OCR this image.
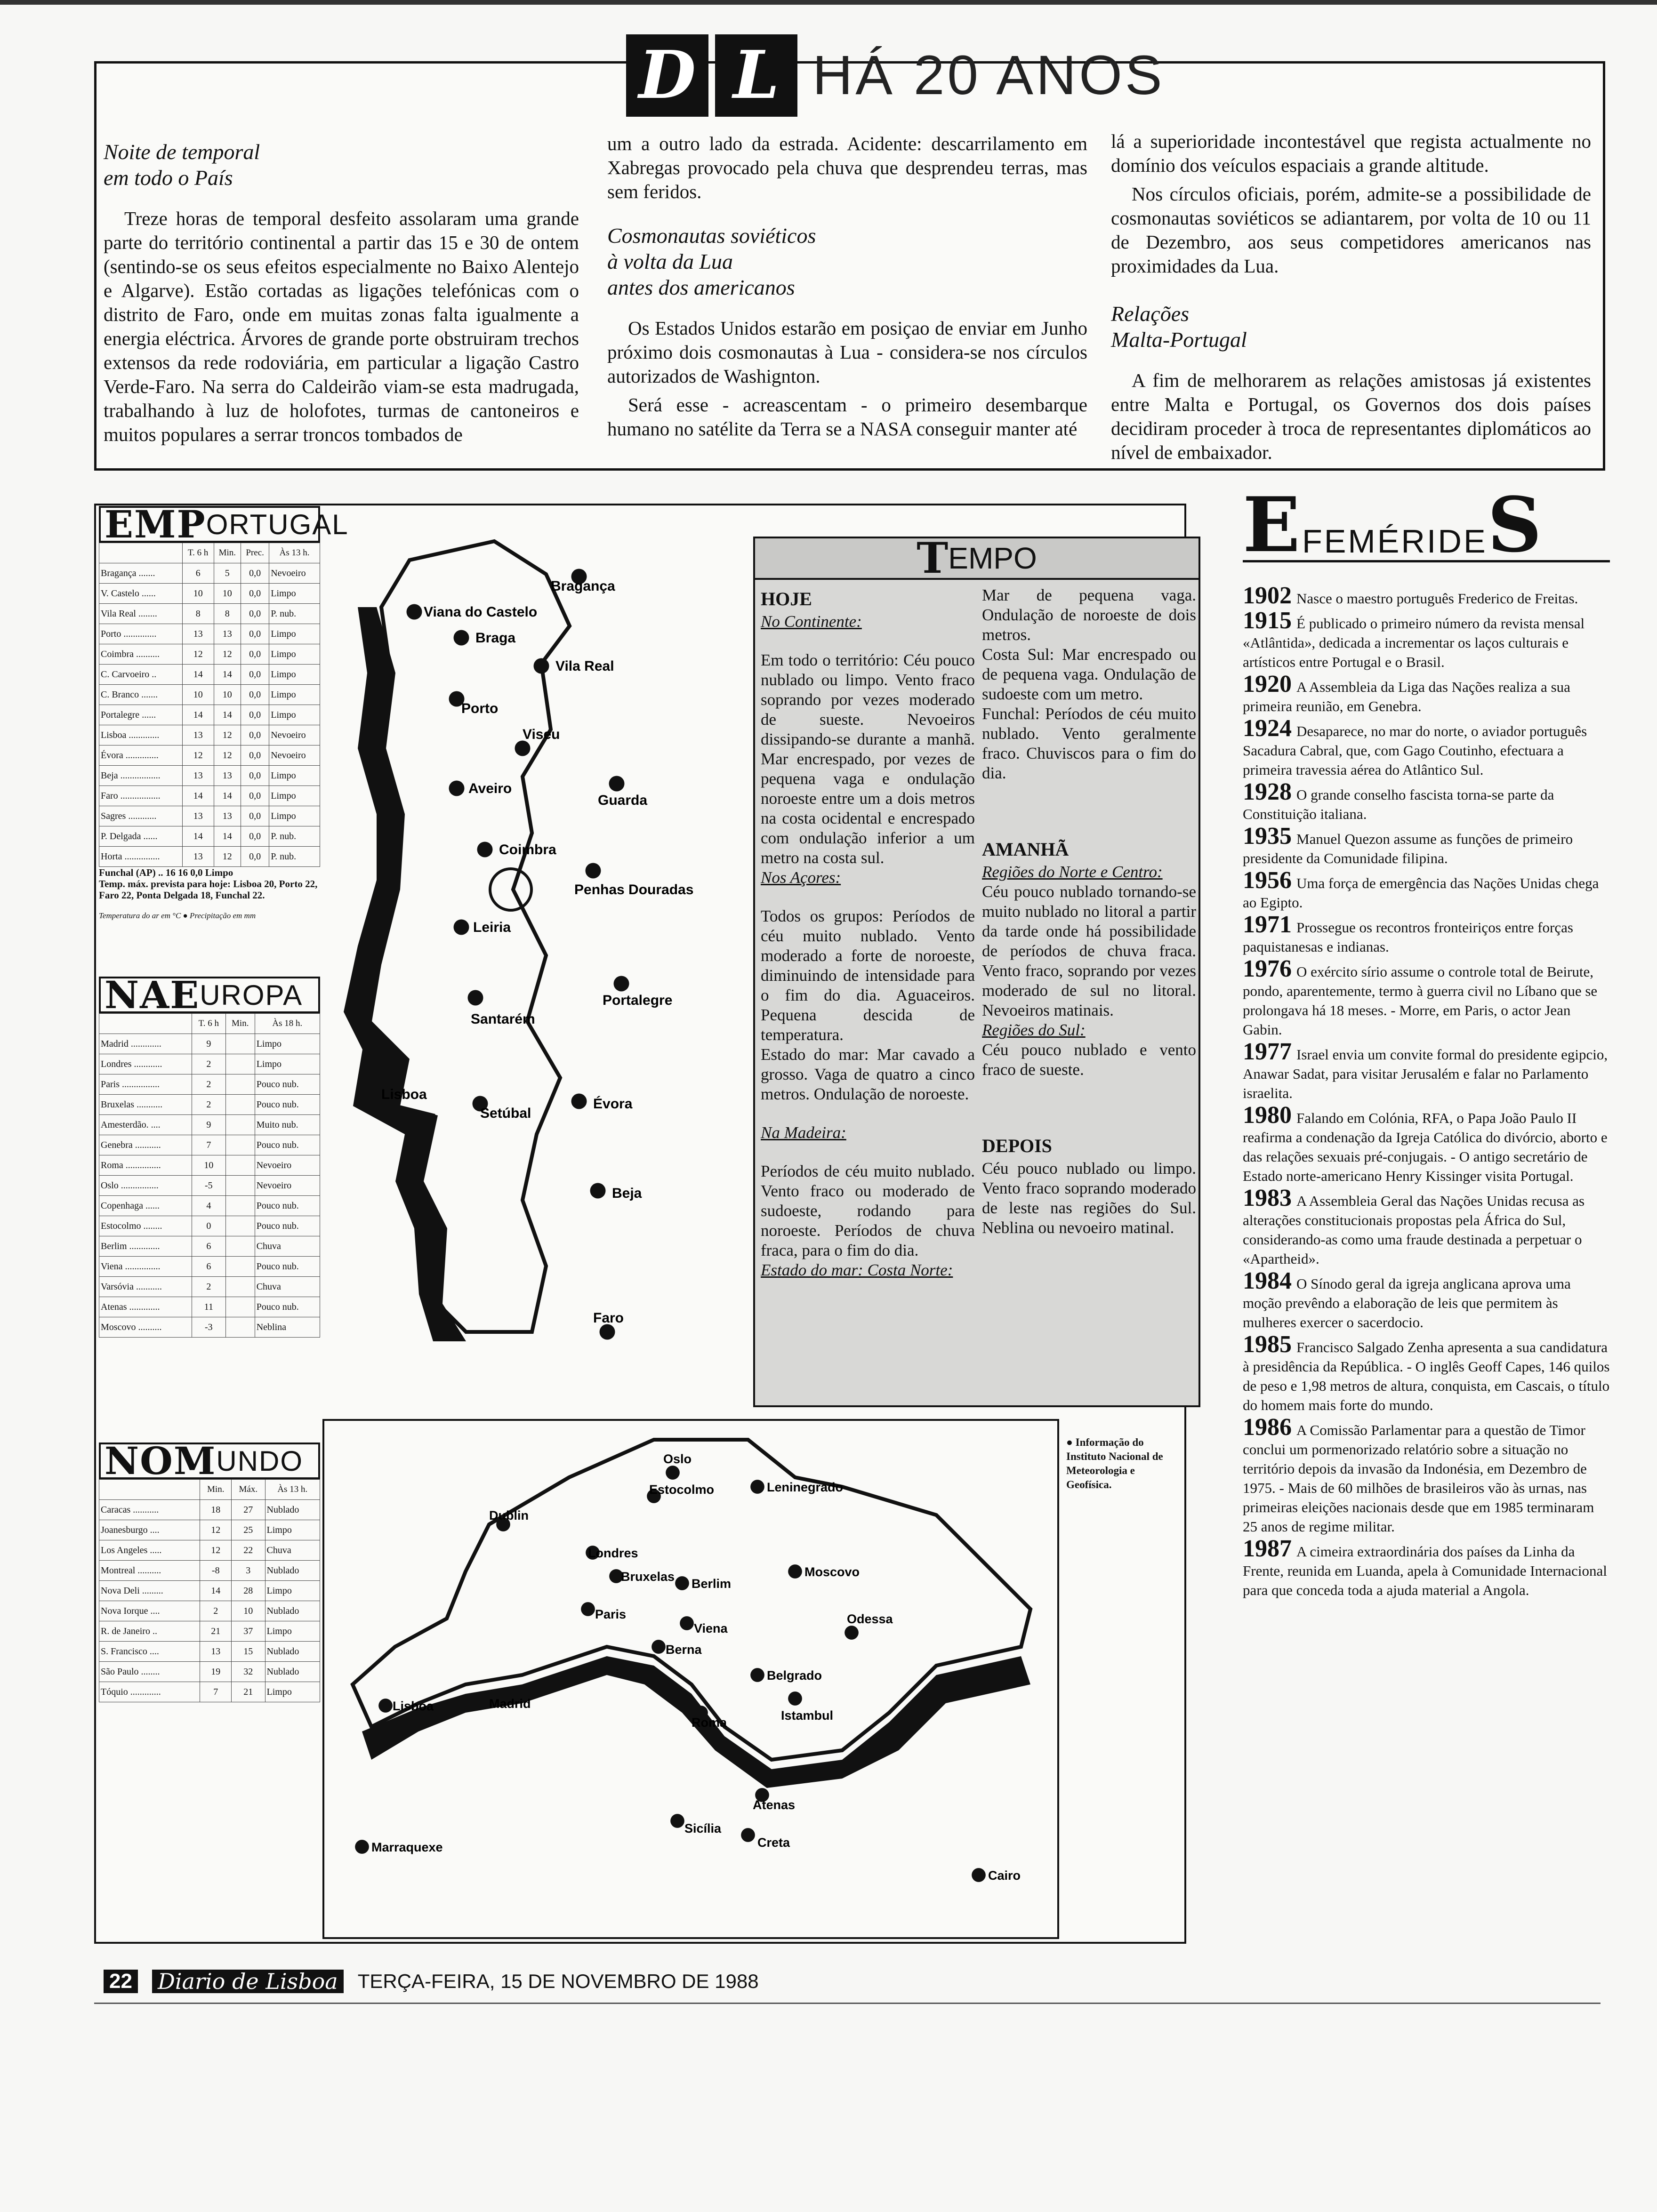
D L HÁ 20 ANOS
Noite de temporal
em todo o País

Treze horas de temporal desfeito assolaram uma grande parte do território continental a partir das 15 e 30 de ontem (sentindo-se os seus efeitos especialmente no Baixo Alentejo e Algarve). Estão cortadas as ligações telefónicas com o distrito de Faro, onde em muitas zonas falta igualmente a energia eléctrica. Árvores de grande porte obstruiram trechos extensos da rede rodoviária, em particular a ligação Castro Verde-Faro. Na serra do Caldeirão viam-se esta madrugada, trabalhando à luz de holofotes, turmas de cantoneiros e muitos populares a serrar troncos tombados de

um a outro lado da estrada. Acidente: descarrilamento em Xabregas provocado pela chuva que desprendeu terras, mas sem feridos.

Cosmonautas soviéticos
à volta da Lua
antes dos americanos

Os Estados Unidos estarão em posiçao de enviar em Junho próximo dois cosmonautas à Lua - considera-se nos círculos autorizados de Washignton.

Será esse - acreascentam - o primeiro desembarque humano no satélite da Terra se a NASA conseguir manter até

lá a superioridade incontestável que regista actualmente no domínio dos veículos espaciais a grande altitude.

Nos círculos oficiais, porém, admite-se a possibilidade de cosmonautas soviéticos se adiantarem, por volta de 10 ou 11 de Dezembro, aos seus competidores americanos nas proximidades da Lua.

Relações
Malta-Portugal

A fim de melhorarem as relações amistosas já existentes entre Malta e Portugal, os Governos dos dois países decidiram proceder à troca de representantes diplomáticos ao nível de embaixador.

EM P ORTUGAL
	T. 6 h	Min.	Prec.	Às 13 h.
Bragança .......	6	5	0,0	Nevoeiro
V. Castelo ......	10	10	0,0	Limpo
Vila Real ........	8	8	0,0	P. nub.
Porto ..............	13	13	0,0	Limpo
Coimbra ..........	12	12	0,0	Limpo
C. Carvoeiro ..	14	14	0,0	Limpo
C. Branco .......	10	10	0,0	Limpo
Portalegre ......	14	14	0,0	Limpo
Lisboa .............	13	12	0,0	Nevoeiro
Évora ..............	12	12	0,0	Nevoeiro
Beja .................	13	13	0,0	Limpo
Faro .................	14	14	0,0	Limpo
Sagres ............	13	13	0,0	Limpo
P. Delgada ......	14	14	0,0	P. nub.
Horta ...............	13	12	0,0	P. nub.
Funchal (AP) .. 16 16 0,0 Limpo
Temp. máx. prevista para hoje: Lisboa 20, Porto 22, Faro 22, Ponta Delgada 18, Funchal 22.
Temperatura do ar em °C ● Precipitação em mm
NA E UROPA
	T. 6 h	Min.	Às 18 h.
Madrid .............	9		Limpo
Londres ............	2		Limpo
Paris ................	2		Pouco nub.
Bruxelas ...........	2		Pouco nub.
Amesterdão. ....	9		Muito nub.
Genebra ...........	7		Pouco nub.
Roma ...............	10		Nevoeiro
Oslo ................	-5		Nevoeiro
Copenhaga ......	4		Pouco nub.
Estocolmo ........	0		Pouco nub.
Berlim .............	6		Chuva
Viena ...............	6		Pouco nub.
Varsóvia ...........	2		Chuva
Atenas .............	11		Pouco nub.
Moscovo ..........	-3		Neblina
NO M UNDO
	Min.	Máx.	Às 13 h.
Caracas ...........	18	27	Nublado
Joanesburgo ....	12	25	Limpo
Los Angeles .....	12	22	Chuva
Montreal ..........	-8	3	Nublado
Nova Deli .........	14	28	Limpo
Nova Iorque ....	2	10	Nublado
R. de Janeiro ..	21	37	Limpo
S. Francisco ....	13	15	Nublado
São Paulo ........	19	32	Nublado
Tóquio .............	7	21	Limpo
Bragança
Viana do Castelo
Braga
Vila Real
Porto
Viseu
Aveiro
Guarda
Coimbra
Penhas Douradas
Leiria
Portalegre
Santarém
Lisboa
Setúbal
Évora
Beja
Faro
T EMPO
HOJE
No Continente:
Em todo o território: Céu pouco nublado ou limpo. Vento fraco soprando por vezes moderado de sueste. Nevoeiros dissipando-se durante a manhã. Mar encrespado, por vezes de pequena vaga e ondulação noroeste entre um a dois metros na costa ocidental e encrespado com ondulação inferior a um metro na costa sul.
Nos Açores:
Todos os grupos: Períodos de céu muito nublado. Vento moderado a forte de noroeste, diminuindo de intensidade para o fim do dia. Aguaceiros. Pequena descida de temperatura.
Estado do mar: Mar cavado a grosso. Vaga de quatro a cinco metros. Ondulação de noroeste.
Na Madeira:
Períodos de céu muito nublado. Vento fraco ou moderado de sudoeste, rodando para noroeste. Períodos de chuva fraca, para o fim do dia.
Estado do mar: Costa Norte:
Mar de pequena vaga. Ondulação de noroeste de dois metros.
Costa Sul: Mar encrespado ou de pequena vaga. Ondulação de sudoeste com um metro.
Funchal: Períodos de céu muito nublado. Vento geralmente fraco. Chuviscos para o fim do dia.
AMANHÃ
Regiões do Norte e Centro:
Céu pouco nublado tornando-se muito nublado no litoral a partir da tarde onde há possibilidade de períodos de chuva fraca. Vento fraco, soprando por vezes moderado de sul no litoral. Nevoeiros matinais.
Regiões do Sul:
Céu pouco nublado e vento fraco de sueste.
DEPOIS
Céu pouco nublado ou limpo. Vento fraco soprando moderado de leste nas regiões do Sul. Neblina ou nevoeiro matinal.
Oslo
Estocolmo	Leninegrado
Dublin
Londres
Bruxelas Berlim
Moscovo
Paris
Viena
Odessa
Berna
Belgrado
Istambul
Lisboa	Madrid
Roma
Atenas
Sicília
Creta
Marraquexe
Cairo
● Informação do Instituto Nacional de Meteorologia e Geofísica.
E FEMÉRIDE S
1902 Nasce o maestro português Frederico de Freitas.
1915 É publicado o primeiro número da revista mensal «Atlântida», dedicada a incrementar os laços culturais e artísticos entre Portugal e o Brasil.
1920 A Assembleia da Liga das Nações realiza a sua primeira reunião, em Genebra.
1924 Desaparece, no mar do norte, o aviador português Sacadura Cabral, que, com Gago Coutinho, efectuara a primeira travessia aérea do Atlântico Sul.
1928 O grande conselho fascista torna-se parte da Constituição italiana.
1935 Manuel Quezon assume as funções de primeiro presidente da Comunidade filipina.
1956 Uma força de emergência das Nações Unidas chega ao Egipto.
1971 Prossegue os recontros fronteiriços entre forças paquistanesas e indianas.
1976 O exército sírio assume o controle total de Beirute, pondo, aparentemente, termo à guerra civil no Líbano que se prolongava há 18 meses. - Morre, em Paris, o actor Jean Gabin.
1977 Israel envia um convite formal do presidente egipcio, Anawar Sadat, para visitar Jerusalém e falar no Parlamento israelita.
1980 Falando em Colónia, RFA, o Papa João Paulo II reafirma a condenação da Igreja Católica do divórcio, aborto e das relações sexuais pré-conjugais. - O antigo secretário de Estado norte-americano Henry Kissinger visita Portugal.
1983 A Assembleia Geral das Nações Unidas recusa as alterações constitucionais propostas pela África do Sul, considerando-as como uma fraude destinada a perpetuar o «Apartheid».
1984 O Sínodo geral da igreja anglicana aprova uma moção prevêndo a elaboração de leis que permitem às mulheres exercer o sacerdocio.
1985 Francisco Salgado Zenha apresenta a sua candidatura à presidência da República. - O inglês Geoff Capes, 146 quilos de peso e 1,98 metros de altura, conquista, em Cascais, o título do homem mais forte do mundo.
1986 A Comissão Parlamentar para a questão de Timor conclui um pormenorizado relatório sobre a situação no território depois da invasão da Indonésia, em Dezembro de 1975. - Mais de 60 milhões de brasileiros vão às urnas, nas primeiras eleições nacionais desde que em 1985 terminaram 25 anos de regime militar.
1987 A cimeira extraordinária dos países da Linha da Frente, reunida em Luanda, apela à Comunidade Internacional para que conceda toda a ajuda material a Angola.
22 Diario de Lisboa TERÇA-FEIRA, 15 DE NOVEMBRO DE 1988
